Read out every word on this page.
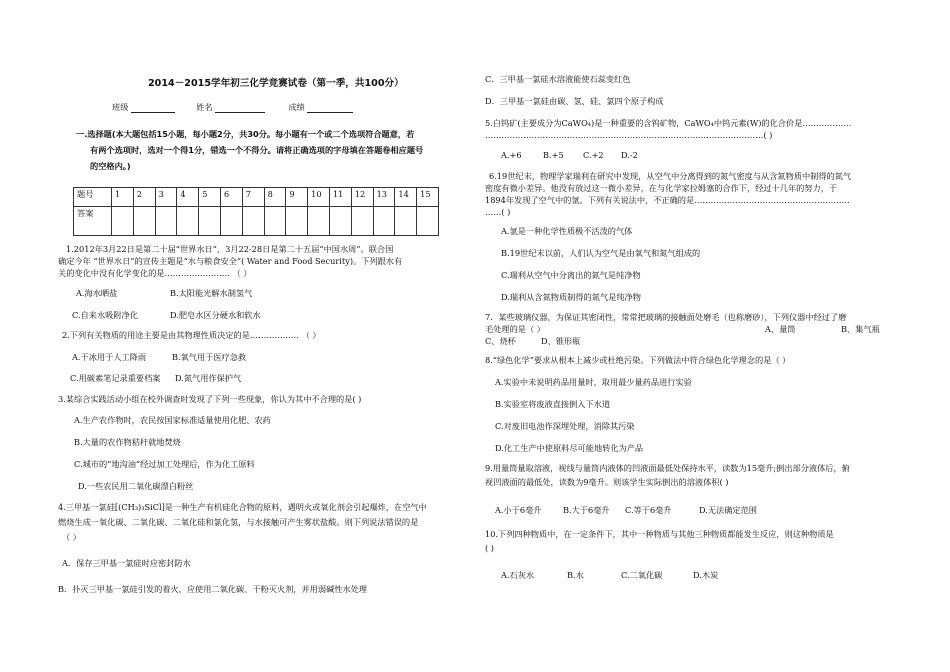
2014－2015学年初三化学竞赛试卷（第一季，共100分）
班级	姓名	成绩
一.选择题(本大题包括15小题，每小题2分，共30分。每小题有一个或二个选项符合题意，若
有两个选项时，选对一个得1分，错选一个不得分。请将正确选项的字母填在答题卷相应题号
的空格内。)
题号	1	2	3	4	5	6	7	8	9	10	11	12	13	14	15
答案															
1.2012年3月22日是第二十届“世界水日”，3月22-28日是第二十五届“中国水周”。联合国
确定今年 “世界水日”的宣传主题是“水与粮食安全”( Water and Food Security)。下列跟水有
关的变化中没有化学变化的是…………………… （ ）
A.海水晒盐	B.太阳能光解水制氢气
C.自来水吸附净化	D.肥皂水区分硬水和软水
2.下列有关物质的用途主要是由其物理性质决定的是……………… （ ）
A.干冰用于人工降雨	B.氧气用于医疗急救
C.用碳素笔记录重要档案 D.氮气用作保护气
3.某综合实践活动小组在校外调查时发现了下列一些现象，你认为其中不合理的是( )
A.生产农作物时，农民按国家标准适量使用化肥、农药
B.大量的农作物秸秆就地焚烧
C.城市的“地沟油”经过加工处理后，作为化工原料
D.一些农民用二氧化碳漂白粉丝
4.三甲基一氯硅[(CH₃)₃SiCl]是一种生产有机硅化合物的原料，遇明火或氧化剂会引起爆炸，在空气中
燃烧生成一氧化碳、二氧化碳、二氧化硅和氯化氢，与水接触可产生雾状盐酸。则下列说法错误的是
（ ）
A．保存三甲基一氯硅时应密封防水
B．扑灭三甲基一氯硅引发的着火，应使用二氧化碳、干粉灭火剂，并用弱碱性水处理
C．三甲基一氯硅水溶液能使石蕊变红色
D．三甲基一氯硅由碳、氢、硅、氯四个原子构成
5.白钨矿(主要成分为CaWO₄)是一种重要的含钨矿物，CaWO₄中钨元素(W)的化合价是………………
…………………………………………………………………………………………( )
A.+6	B.+5 C.+2 D.-2
6.19世纪末，物理学家瑞利在研究中发现，从空气中分离得到的氮气密度与从含氮物质中制得的氮气
密度有微小差异。他没有放过这一微小差异，在与化学家拉姆塞的合作下，经过十几年的努力，于
1894年发现了空气中的氩。下列有关说法中，不正确的是…………………………………………………
……( )
A.氩是一种化学性质极不活泼的气体
B.19世纪末以前，人们认为空气是由氧气和氮气组成的
C.瑞利从空气中分离出的氮气是纯净物
D.瑞利从含氮物质制得的氮气是纯净物
7．某些玻璃仪器，为保证其密闭性，常常把玻璃的接触面处磨毛（也称磨砂），下列仪器中经过了磨
毛处理的是（ ）	A、量筒	B、集气瓶
C、烧杯	D、锥形瓶
8.“绿色化学”要求从根本上减少或杜绝污染。下列做法中符合绿色化学理念的是（ ）
A.实验中未说明药品用量时，取用最少量药品进行实验
B.实验室将废液直接倒入下水道
C.对废旧电池作深埋处理，消除其污染
D.化工生产中使原料尽可能地转化为产品
9.用量筒量取溶液，视线与量筒内液体的凹液面最低处保持水平，读数为15毫升;倒出部分液体后，俯
视凹液面的最低处，读数为9毫升。则该学生实际倒出的溶液体积( )
A.小于6毫升	B.大于6毫升 C.等于6毫升	D.无法确定范围
10.下列四种物质中，在一定条件下，其中一种物质与其他三种物质都能发生反应，则这种物质是
( )
A.石灰水	B.水	C.二氧化碳	D.木炭
